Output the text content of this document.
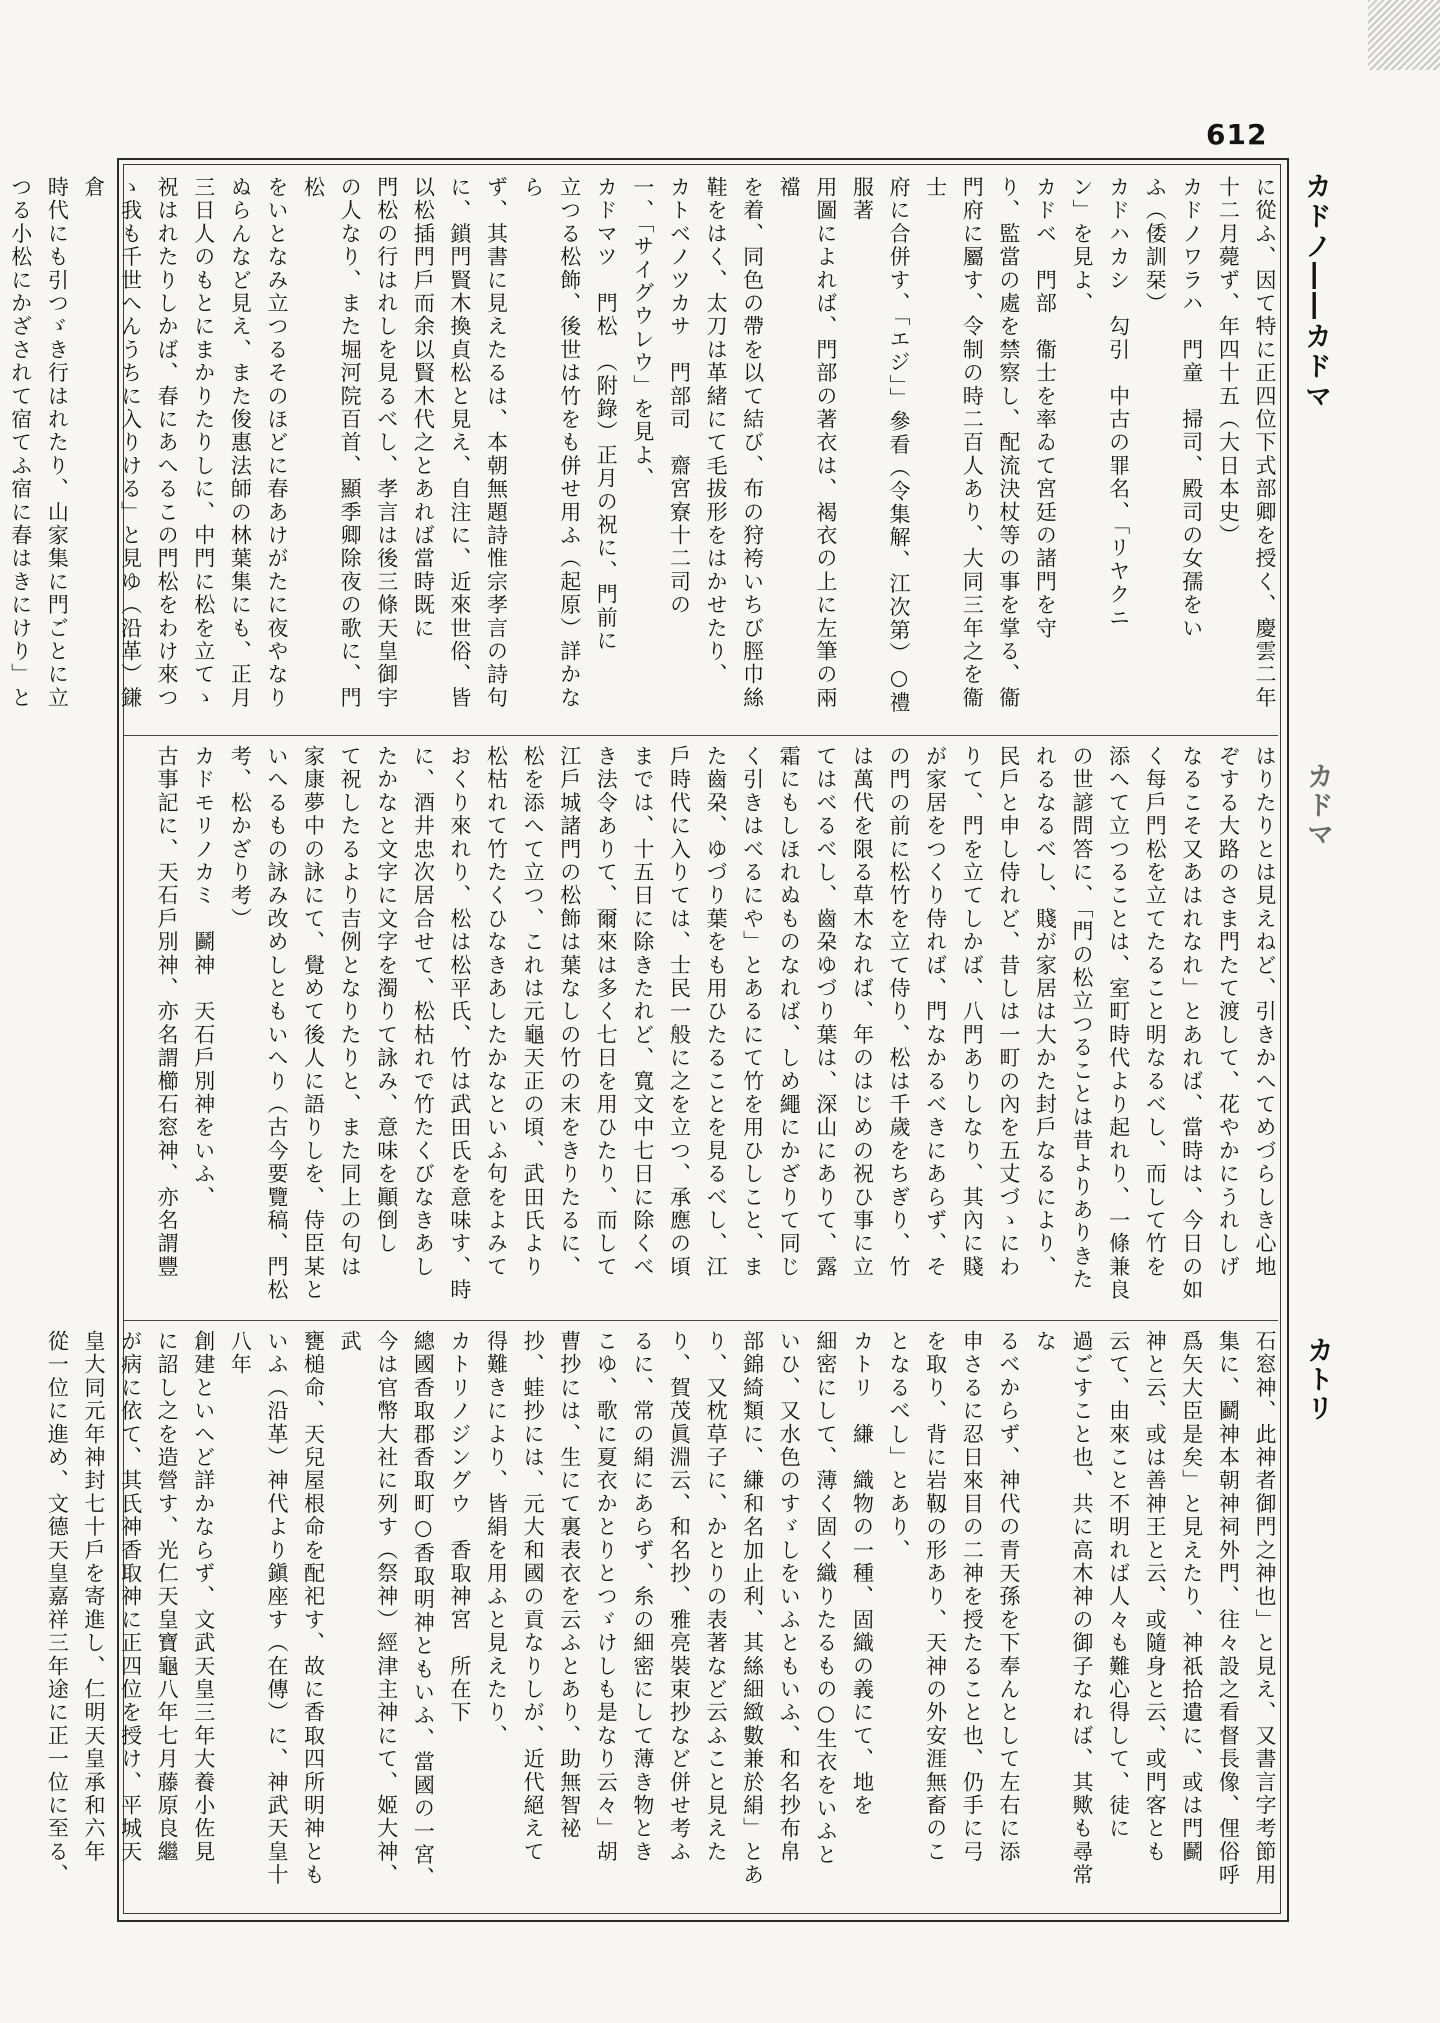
612
カドノ――カドマ
カドマ
カトリ
に從ふ、因て特に正四位下式部卿を授く、慶雲二年
十二月薨ず、年四十五（大日本史）
カドノワラハ　門童　掃司、殿司の女孺をい
ふ（倭訓栞）
カドハカシ　勾引　中古の罪名、「リヤクニ
ン」を見よ、
カドベ　門部　衞士を率ゐて宮廷の諸門を守
り、監當の處を禁察し、配流決杖等の事を掌る、衞
門府に屬す、令制の時二百人あり、大同三年之を衞士
府に合併す、「エジ」」參看（令集解、江次第）○禮服著
用圖によれば、門部の著衣は、褐衣の上に左筆の兩襠
を着、同色の帶を以て結び、布の狩袴いちび脛巾絲
鞋をはく、太刀は革緒にて毛拔形をはかせたり、
カトベノツカサ　門部司　齋宮寮十二司の
一、「サイグウレウ」を見よ、
カドマツ　門松　（附錄）正月の祝に、門前に
立つる松飾、後世は竹をも併せ用ふ（起原）詳かなら
ず、其書に見えたるは、本朝無題詩惟宗孝言の詩句
に、鎖門賢木換貞松と見え、自注に、近來世俗、皆
以松插門戶而余以賢木代之とあれば當時既に
門松の行はれしを見るべし、孝言は後三條天皇御宇
の人なり、また堀河院百首、顯季卿除夜の歌に、門松
をいとなみ立つるそのほどに春あけがたに夜やなり
ぬらんなど見え、また俊惠法師の林葉集にも、正月
三日人のもとにまかりたりしに、中門に松を立てゝ
祝はれたりしかば、春にあへるこの門松をわけ來つ
ゝ我も千世へんうちに入りける」と見ゆ（沿革）鎌倉
時代にも引つゞき行はれたり、山家集に門ごとに立
つる小松にかざされて宿てふ宿に春はきにけり」と
はりたりとは見えねど、引きかへてめづらしき心地
ぞする大路のさま門たて渡して、花やかにうれしげ
なるこそ又あはれなれ」とあれば、當時は、今日の如
く每戶門松を立てたること明なるべし、而して竹を
添へて立つることは、室町時代より起れり、一條兼良
の世諺問答に、「門の松立つることは昔よりありきた
れるなるべし、賤が家居は大かた封戶なるにより、
民戶と申し侍れど、昔しは一町の內を五丈づゝにわ
りて、門を立てしかば、八門ありしなり、其內に賤
が家居をつくり侍れば、門なかるべきにあらず、そ
の門の前に松竹を立て侍り、松は千歲をちぎり、竹
は萬代を限る草木なれば、年のはじめの祝ひ事に立
てはべるべし、齒朶ゆづり葉は、深山にありて、露
霜にもしほれぬものなれば、しめ繩にかざりて同じ
く引きはべるにや」とあるにて竹を用ひしこと、ま
た齒朶、ゆづり葉をも用ひたることを見るべし、江
戶時代に入りては、士民一般に之を立つ、承應の頃
までは、十五日に除きたれど、寬文中七日に除くべ
き法令ありて、爾來は多く七日を用ひたり、而して
江戶城諸門の松飾は葉なしの竹の末をきりたるに、
松を添へて立つ、これは元龜天正の頃、武田氏より
松枯れて竹たくひなきあしたかなといふ句をよみて
おくり來れり、松は松平氏、竹は武田氏を意味す、時
に、酒井忠次居合せて、松枯れで竹たくびなきあし
たかなと文字に文字を濁りて詠み、意味を顚倒し
て祝したるより吉例となりたりと、また同上の句は
家康夢中の詠にて、覺めて後人に語りしを、侍臣某と
いへるもの詠み改めしともいへり（古今要覽稿、門松
考、松かざり考）
カドモリノカミ　鬬神　天石戶別神をいふ、
古事記に、天石戶別神、亦名謂櫛石窓神、亦名謂豐
石窓神、此神者御門之神也」と見え、又書言字考節用
集に、鬬神本朝神祠外門、往々設之看督長像、俚俗呼
爲矢大臣是矣」と見えたり、神祇拾遺に、或は門鬬
神と云、或は善神王と云、或隨身と云、或門客とも
云て、由來こと不明れば人々も難心得して、徒に
過ごすこと也、共に高木神の御子なれば、其歟も尋常な
るべからず、神代の青天孫を下奉んとして左右に添
申さるに忍日來目の二神を授たること也、仍手に弓
を取り、背に岩靱の形あり、天神の外安涯無畜のこ
となるべし」とあり、
カトリ　縑　織物の一種、固織の義にて、地を
細密にして、薄く固く織りたるもの○生衣をいふと
いひ、又水色のすゞしをいふともいふ、和名抄布帛
部錦綺類に、縑和名加止利、其絲細緻數兼於絹」とあ
り、又枕草子に、かとりの表著など云ふこと見えた
り、賀茂眞淵云、和名抄、雅亮裝束抄など併せ考ふ
るに、常の絹にあらず、糸の細密にして薄き物とき
こゆ、歌に夏衣かとりとつゞけしも是なり云々」胡
曹抄には、生にて裏表衣を云ふとあり、助無智祕
抄、蛙抄には、元大和國の貢なりしが、近代絕えて
得難きにより、皆絹を用ふと見えたり、
カトリノジングウ　香取神宮　所在下
總國香取郡香取町○香取明神ともいふ、當國の一宮、
今は官幣大社に列す（祭神）經津主神にて、姬大神、武
甕槌命、天兒屋根命を配祀す、故に香取四所明神とも
いふ（沿革）神代より鎭座す（在傳）に、神武天皇十八年
創建といへど詳かならず、文武天皇三年大養小佐見
に詔し之を造營す、光仁天皇寶龜八年七月藤原良繼
が病に依て、其氏神香取神に正四位を授け、平城天
皇大同元年神封七十戶を寄進し、仁明天皇承和六年
從一位に進め、文德天皇嘉祥三年途に正一位に至る、
